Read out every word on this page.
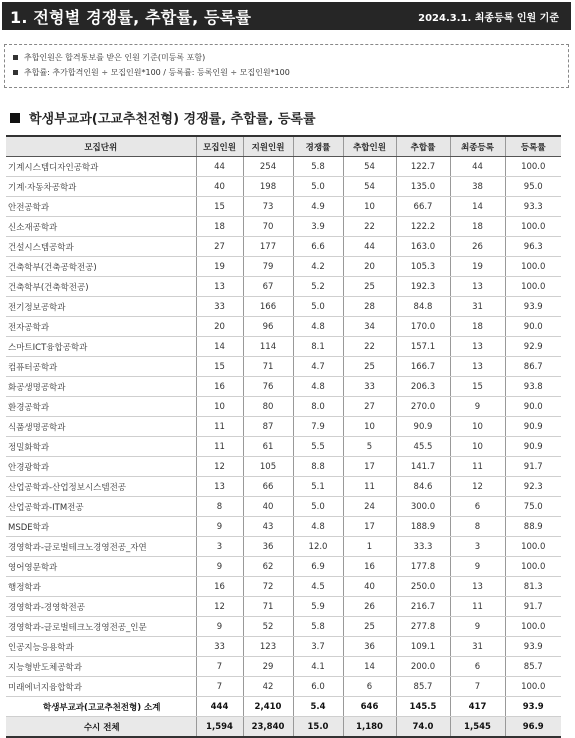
1. 전형별 경쟁률, 추합률, 등록률	2024.3.1. 최종등록 인원 기준
추합인원은 합격통보를 받은 인원 기준(미등록 포함)
추합률: 추가합격인원 ÷ 모집인원*100 / 등록률: 등록인원 ÷ 모집인원*100
학생부교과(고교추천전형) 경쟁률, 추합률, 등록률
모집단위	모집인원	지원인원	경쟁률	추합인원	추합률	최종등록	등록률
기계시스템디자인공학과	44	254	5.8	54	122.7	44	100.0
기계·자동차공학과	40	198	5.0	54	135.0	38	95.0
안전공학과	15	73	4.9	10	66.7	14	93.3
신소재공학과	18	70	3.9	22	122.2	18	100.0
건설시스템공학과	27	177	6.6	44	163.0	26	96.3
건축학부(건축공학전공)	19	79	4.2	20	105.3	19	100.0
건축학부(건축학전공)	13	67	5.2	25	192.3	13	100.0
전기정보공학과	33	166	5.0	28	84.8	31	93.9
전자공학과	20	96	4.8	34	170.0	18	90.0
스마트ICT융합공학과	14	114	8.1	22	157.1	13	92.9
컴퓨터공학과	15	71	4.7	25	166.7	13	86.7
화공생명공학과	16	76	4.8	33	206.3	15	93.8
환경공학과	10	80	8.0	27	270.0	9	90.0
식품생명공학과	11	87	7.9	10	90.9	10	90.9
정밀화학과	11	61	5.5	5	45.5	10	90.9
안경광학과	12	105	8.8	17	141.7	11	91.7
산업공학과-산업정보시스템전공	13	66	5.1	11	84.6	12	92.3
산업공학과-ITM전공	8	40	5.0	24	300.0	6	75.0
MSDE학과	9	43	4.8	17	188.9	8	88.9
경영학과-글로벌테크노경영전공_자연	3	36	12.0	1	33.3	3	100.0
영어영문학과	9	62	6.9	16	177.8	9	100.0
행정학과	16	72	4.5	40	250.0	13	81.3
경영학과-경영학전공	12	71	5.9	26	216.7	11	91.7
경영학과-글로벌테크노경영전공_인문	9	52	5.8	25	277.8	9	100.0
인공지능응용학과	33	123	3.7	36	109.1	31	93.9
지능형반도체공학과	7	29	4.1	14	200.0	6	85.7
미래에너지융합학과	7	42	6.0	6	85.7	7	100.0
학생부교과(고교추천전형) 소계	444	2,410	5.4	646	145.5	417	93.9
수시 전체	1,594	23,840	15.0	1,180	74.0	1,545	96.9
